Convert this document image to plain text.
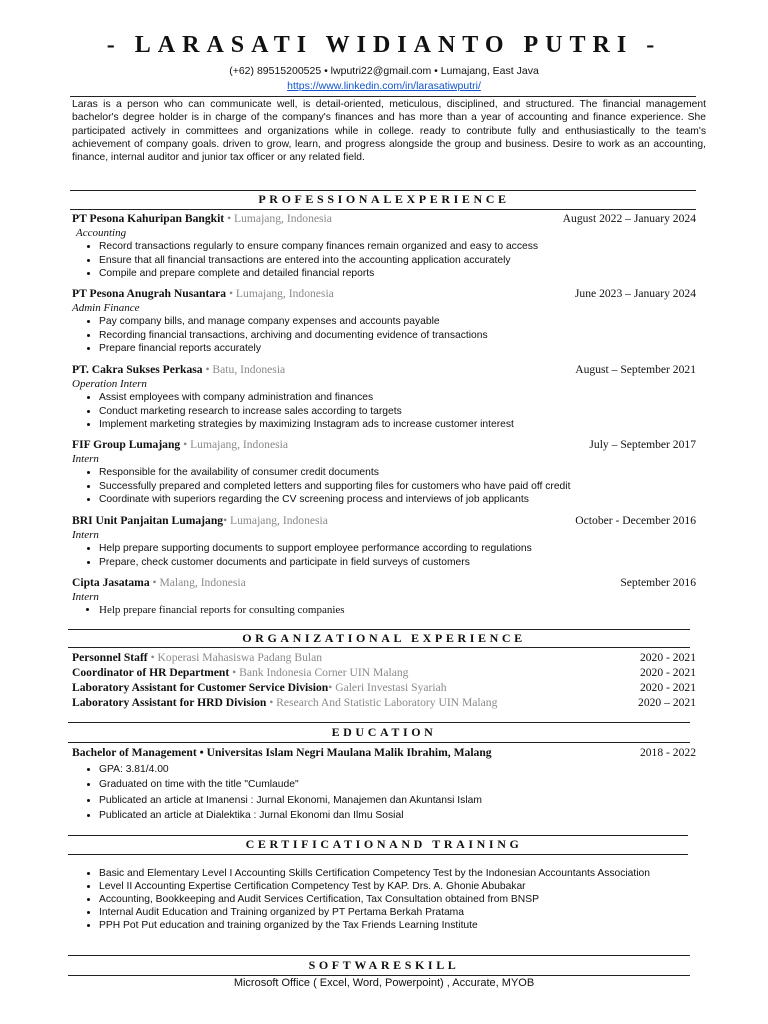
- LARASATI WIDIANTO PUTRI -
(+62) 89515200525 • lwputri22@gmail.com • Lumajang, East Java
https://www.linkedin.com/in/larasatiwputri/
Laras is a person who can communicate well, is detail-oriented, meticulous, disciplined, and structured. The financial management bachelor's degree holder is in charge of the company's finances and has more than a year of accounting and finance experience. She participated actively in committees and organizations while in college. ready to contribute fully and enthusiastically to the team's achievement of company goals. driven to grow, learn, and progress alongside the group and business. Desire to work as an accounting, finance, internal auditor and junior tax officer or any related field.
PROFESSIONALEXPERIENCE
PT Pesona Kahuripan Bangkit • Lumajang, Indonesia	August 2022 – January 2024
Accounting
• Record transactions regularly to ensure company finances remain organized and easy to access
• Ensure that all financial transactions are entered into the accounting application accurately
• Compile and prepare complete and detailed financial reports
PT Pesona Anugrah Nusantara • Lumajang, Indonesia	June 2023 – January 2024
Admin Finance
• Pay company bills, and manage company expenses and accounts payable
• Recording financial transactions, archiving and documenting evidence of transactions
• Prepare financial reports accurately
PT. Cakra Sukses Perkasa • Batu, Indonesia	August – September 2021
Operation Intern
• Assist employees with company administration and finances
• Conduct marketing research to increase sales according to targets
• Implement marketing strategies by maximizing Instagram ads to increase customer interest
FIF Group Lumajang • Lumajang, Indonesia	July – September 2017
Intern
• Responsible for the availability of consumer credit documents
• Successfully prepared and completed letters and supporting files for customers who have paid off credit
• Coordinate with superiors regarding the CV screening process and interviews of job applicants
BRI Unit Panjaitan Lumajang• Lumajang, Indonesia	October - December 2016
Intern
• Help prepare supporting documents to support employee performance according to regulations
• Prepare, check customer documents and participate in field surveys of customers
Cipta Jasatama • Malang, Indonesia	September 2016
Intern
• Help prepare financial reports for consulting companies
ORGANIZATIONAL EXPERIENCE
Personnel Staff • Koperasi Mahasiswa Padang Bulan	2020 - 2021
Coordinator of HR Department • Bank Indonesia Corner UIN Malang	2020 - 2021
Laboratory Assistant for Customer Service Division• Galeri Investasi Syariah	2020 - 2021
Laboratory Assistant for HRD Division • Research And Statistic Laboratory UIN Malang	2020 – 2021
EDUCATION
Bachelor of Management • Universitas Islam Negri Maulana Malik Ibrahim, Malang	2018 - 2022
• GPA: 3.81/4.00
• Graduated on time with the title "Cumlaude"
• Publicated an article at Imanensi : Jurnal Ekonomi, Manajemen dan Akuntansi Islam
• Publicated an article at Dialektika : Jurnal Ekonomi dan Ilmu Sosial
CERTIFICATIONAND TRAINING
• Basic and Elementary Level I Accounting Skills Certification Competency Test by the Indonesian Accountants Association
• Level II Accounting Expertise Certification Competency Test by KAP. Drs. A. Ghonie Abubakar
• Accounting, Bookkeeping and Audit Services Certification, Tax Consultation obtained from BNSP
• Internal Audit Education and Training organized by PT Pertama Berkah Pratama
• PPH Pot Put education and training organized by the Tax Friends Learning Institute
SOFTWARESKILL
Microsoft Office ( Excel, Word, Powerpoint) , Accurate, MYOB
